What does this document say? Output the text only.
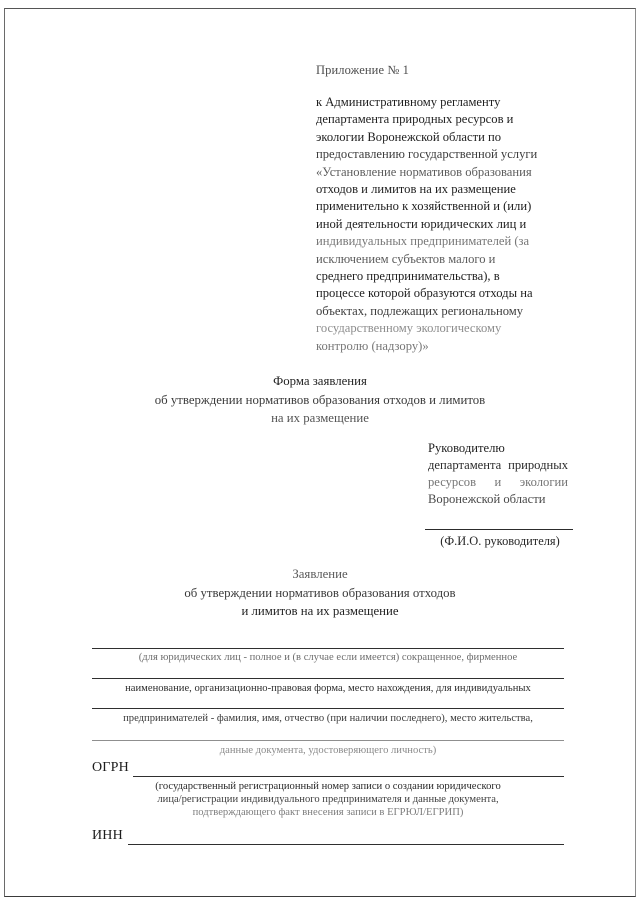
Приложение № 1
к Административному регламенту
департамента природных ресурсов и
экологии Воронежской области по
предоставлению государственной услуги
«Установление нормативов образования
отходов и лимитов на их размещение
применительно к хозяйственной и (или)
иной деятельности юридических лиц и
индивидуальных предпринимателей (за
исключением субъектов малого и
среднего предпринимательства), в
процессе которой образуются отходы на
объектах, подлежащих региональному
государственному экологическому
контролю (надзору)»
Форма заявления
об утверждении нормативов образования отходов и лимитов
на их размещение
Руководителю
департамента природных
ресурсов и экологии
Воронежской области
(Ф.И.О. руководителя)
Заявление
об утверждении нормативов образования отходов
и лимитов на их размещение
(для юридических лиц - полное и (в случае если имеется) сокращенное, фирменное
наименование, организационно-правовая форма, место нахождения, для индивидуальных
предпринимателей - фамилия, имя, отчество (при наличии последнего), место жительства,
данные документа, удостоверяющего личность)
ОГРН
(государственный регистрационный номер записи о создании юридического
лица/регистрации индивидуального предпринимателя и данные документа,
подтверждающего факт внесения записи в ЕГРЮЛ/ЕГРИП)
ИНН
